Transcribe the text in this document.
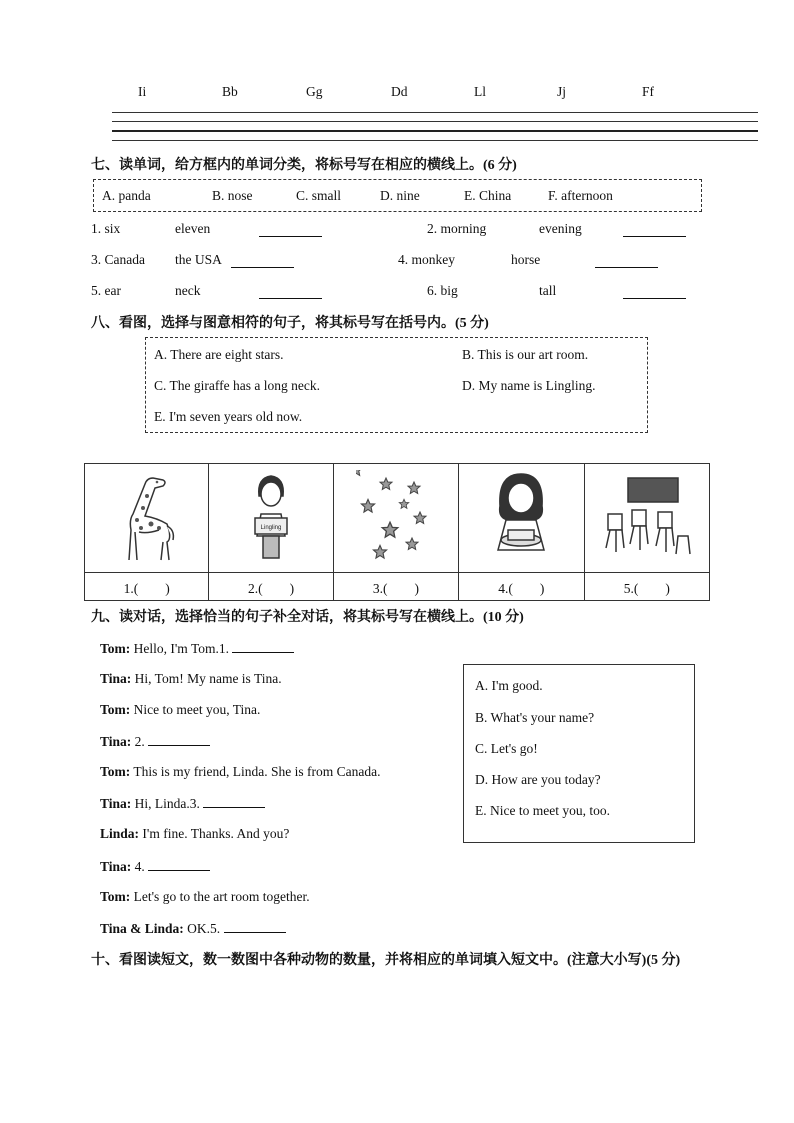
Ii	Bb	Gg	Dd	Ll	Jj	Ff
七、读单词，给方框内的单词分类，将标号写在相应的横线上。(6 分)
A. panda	B. nose	C. small	D. nine	E. China	F. afternoon
1. six	eleven	2. morning	evening
3. Canada the USA	4. monkey	horse
5. ear	neck	6. big	tall
八、看图，选择与图意相符的句子，将其标号写在括号内。(5 分)
A. There are eight stars.	B. This is our art room.
C. The giraffe has a long neck.	D. My name is Lingling.
E. I'm seven years old now.

Lingling

1.(　　)	2.(　　)	3.(　　)	4.(　　)	5.(　　)
九、读对话，选择恰当的句子补全对话，将其标号写在横线上。(10 分)
Tom: Hello, I'm Tom.1.
Tina: Hi, Tom! My name is Tina.
Tom: Nice to meet you, Tina.
Tina: 2.
Tom: This is my friend, Linda. She is from Canada.
Tina: Hi, Linda.3.
Linda: I'm fine. Thanks. And you?
Tina: 4.
Tom: Let's go to the art room together.
Tina & Linda: OK.5.
A. I'm good.
B. What's your name?
C. Let's go!
D. How are you today?
E. Nice to meet you, too.
十、看图读短文，数一数图中各种动物的数量，并将相应的单词填入短文中。(注意大小写)(5 分)
